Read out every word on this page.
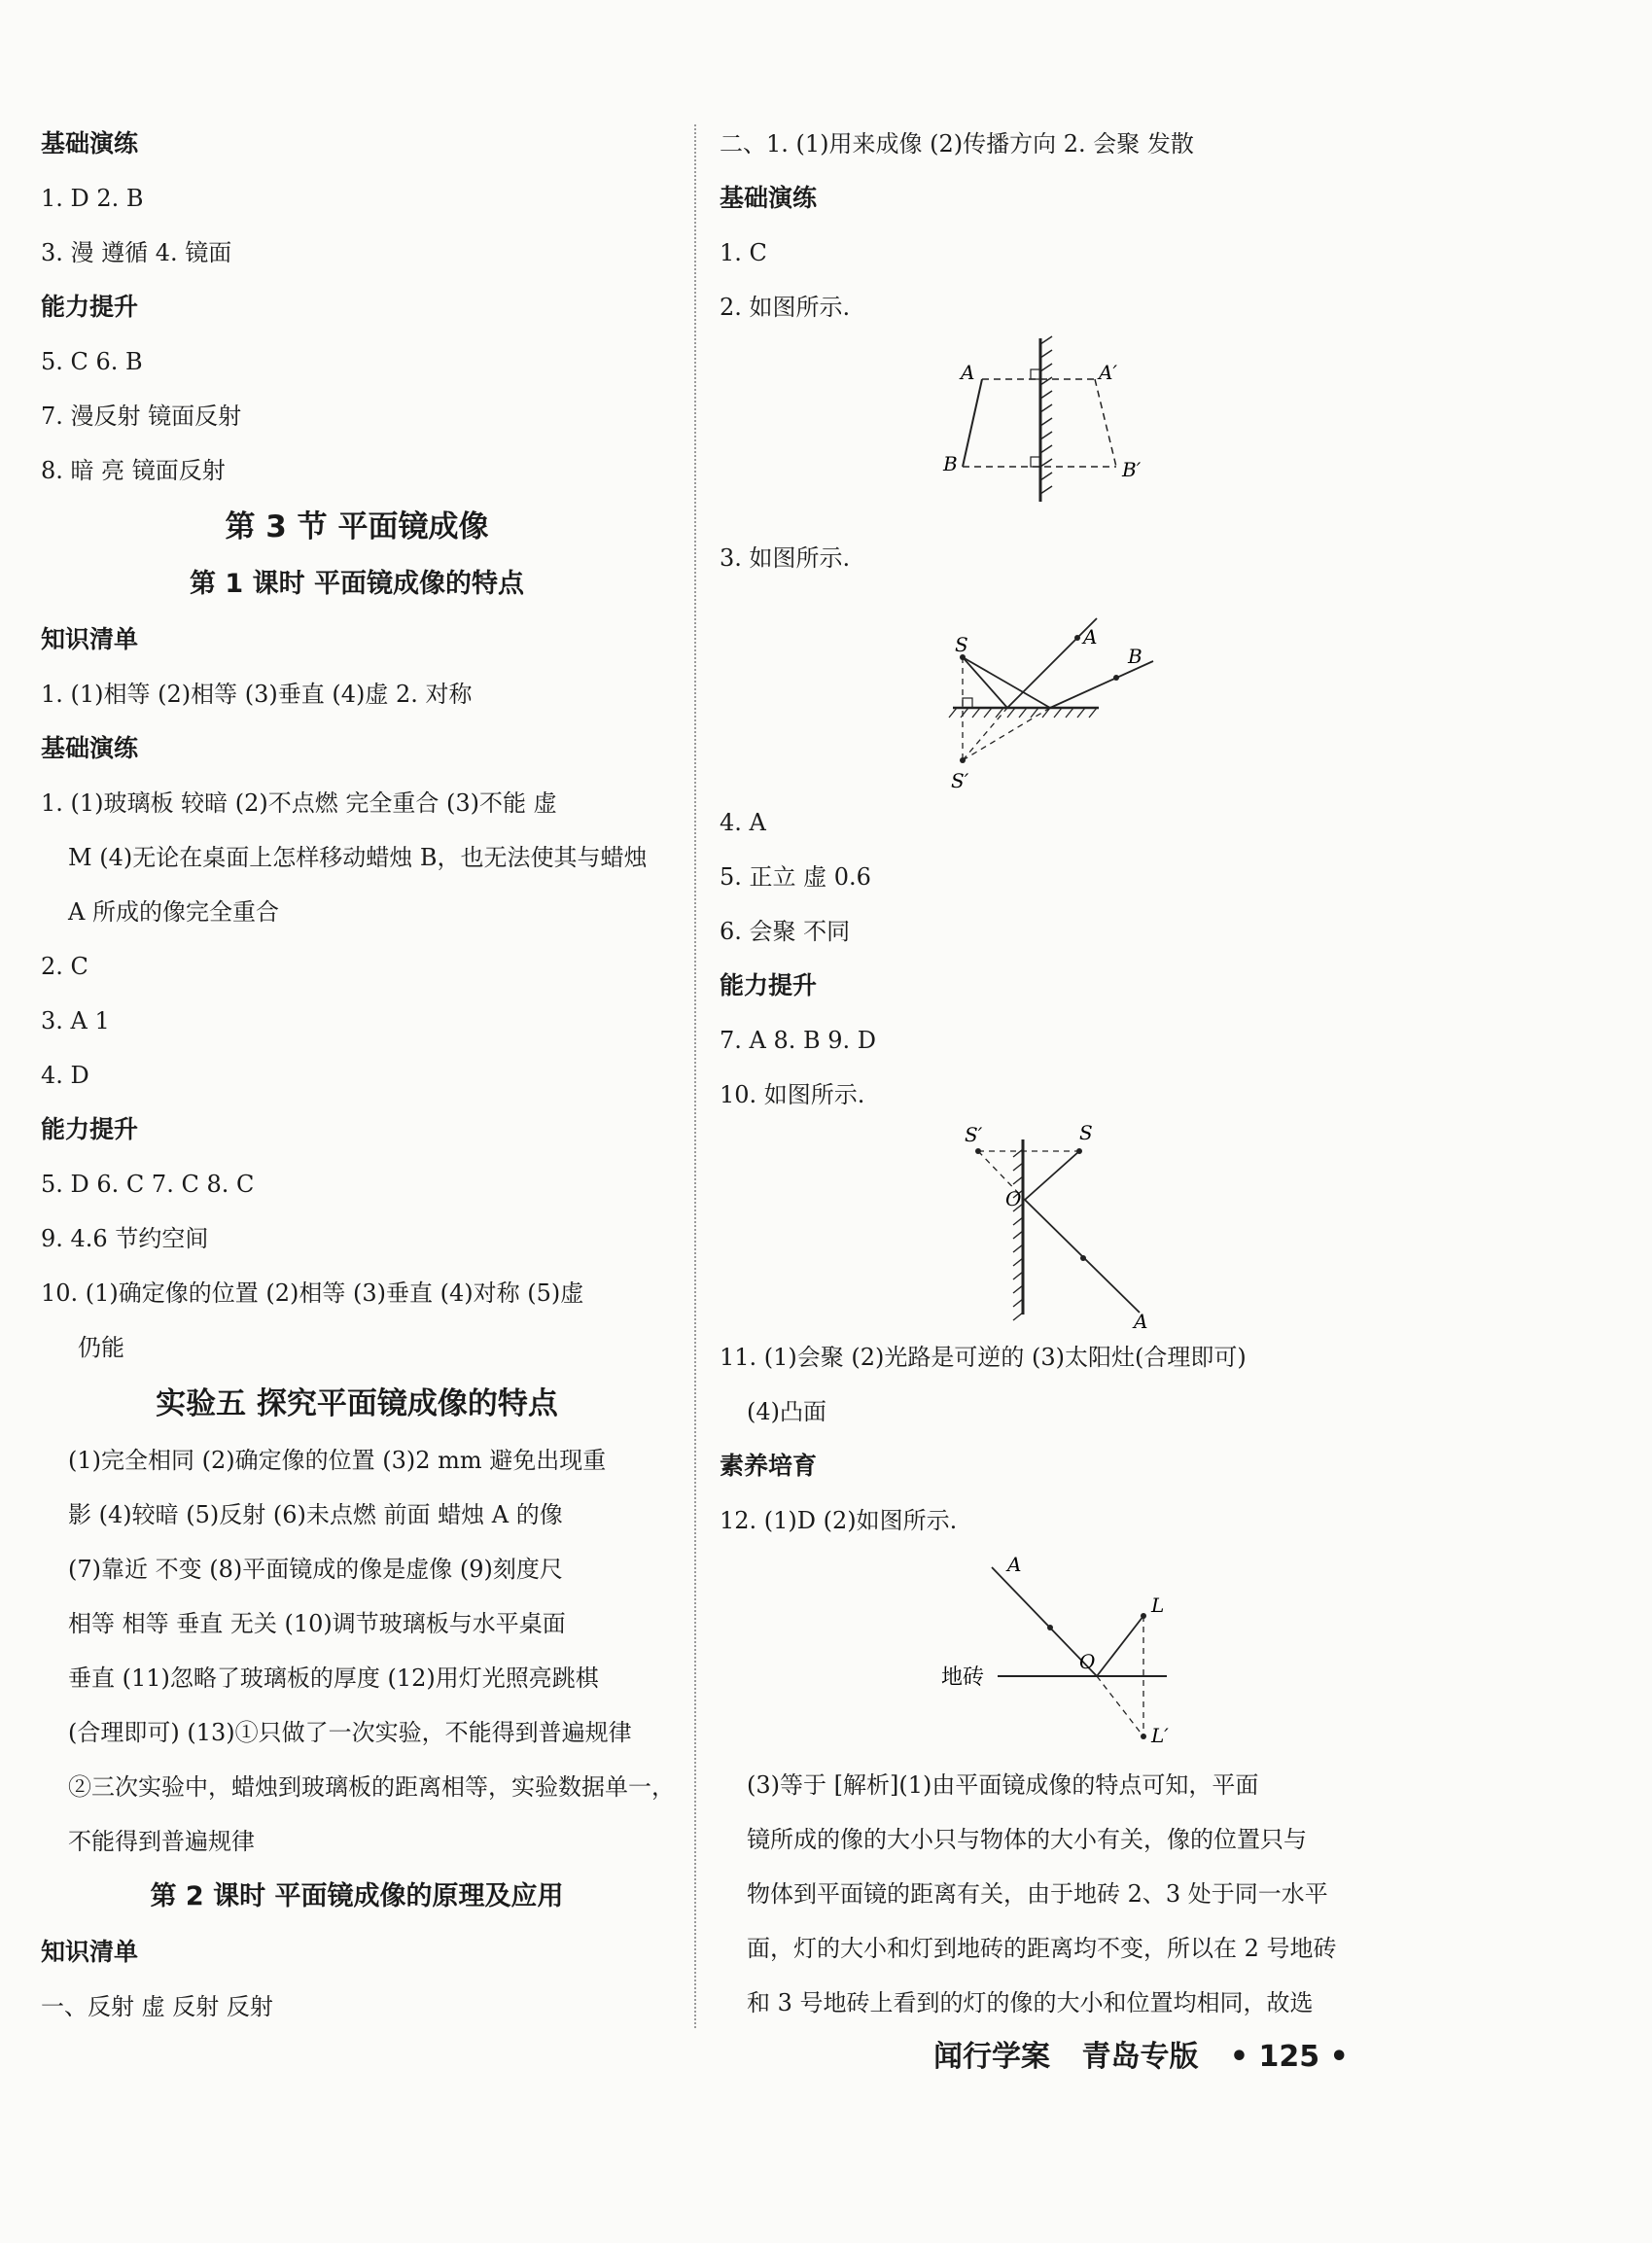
基础演练
1. D 2. B
3. 漫 遵循 4. 镜面
能力提升
5. C 6. B
7. 漫反射 镜面反射
8. 暗 亮 镜面反射
第 3 节 平面镜成像
第 1 课时 平面镜成像的特点
知识清单
1. (1)相等 (2)相等 (3)垂直 (4)虚 2. 对称
基础演练
1. (1)玻璃板 较暗 (2)不点燃 完全重合 (3)不能 虚
M (4)无论在桌面上怎样移动蜡烛 B，也无法使其与蜡烛
A 所成的像完全重合
2. C
3. A 1
4. D
能力提升
5. D 6. C 7. C 8. C
9. 4.6 节约空间
10. (1)确定像的位置 (2)相等 (3)垂直 (4)对称 (5)虚
仍能
实验五 探究平面镜成像的特点
(1)完全相同 (2)确定像的位置 (3)2 mm 避免出现重
影 (4)较暗 (5)反射 (6)未点燃 前面 蜡烛 A 的像
(7)靠近 不变 (8)平面镜成的像是虚像 (9)刻度尺
相等 相等 垂直 无关 (10)调节玻璃板与水平桌面
垂直 (11)忽略了玻璃板的厚度 (12)用灯光照亮跳棋
(合理即可) (13)①只做了一次实验，不能得到普遍规律
②三次实验中，蜡烛到玻璃板的距离相等，实验数据单一，
不能得到普遍规律
第 2 课时 平面镜成像的原理及应用
知识清单
一、反射 虚 反射 反射
二、1. (1)用来成像 (2)传播方向 2. 会聚 发散
基础演练
1. C
2. 如图所示.
A	A′
B	B′
3. 如图所示.
S
S′
A
B
4. A
5. 正立 虚 0.6
6. 会聚 不同
能力提升
7. A 8. B 9. D
10. 如图所示.
S′	S
O
A
11. (1)会聚 (2)光路是可逆的 (3)太阳灶(合理即可)
(4)凸面
素养培育
12. (1)D (2)如图所示.
A
L
O
L′
地砖
(3)等于 [解析](1)由平面镜成像的特点可知，平面
镜所成的像的大小只与物体的大小有关，像的位置只与
物体到平面镜的距离有关，由于地砖 2、3 处于同一水平
面，灯的大小和灯到地砖的距离均不变，所以在 2 号地砖
和 3 号地砖上看到的灯的像的大小和位置均相同，故选
闻行学案 青岛专版 • 125 •
